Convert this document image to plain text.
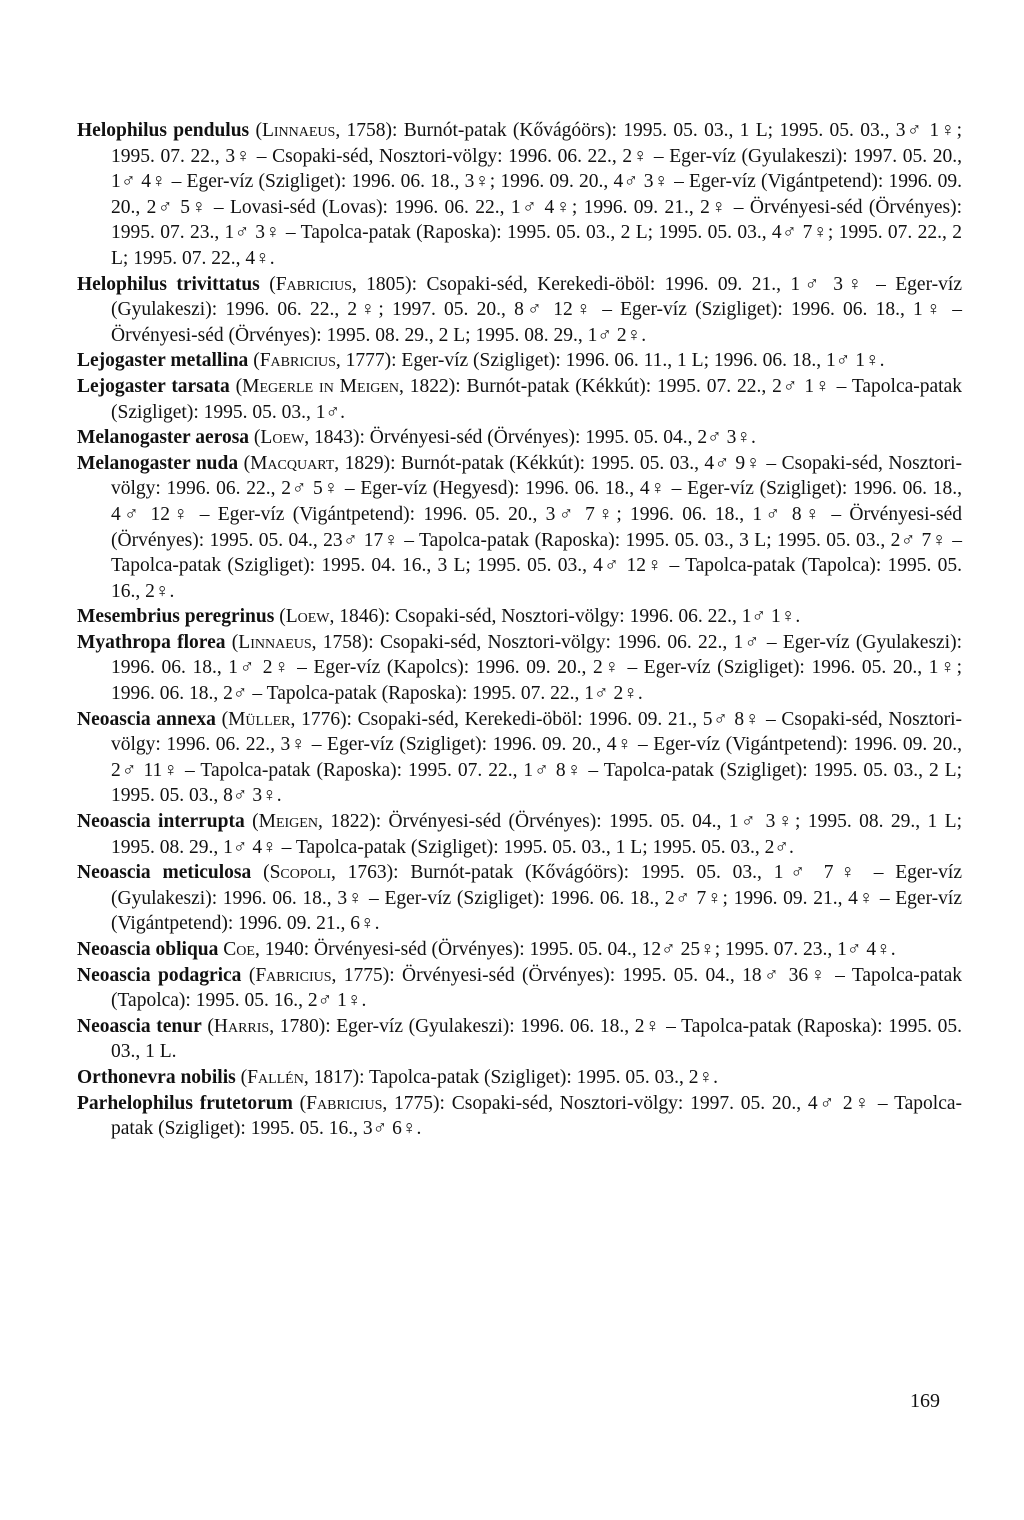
Helophilus pendulus (Linnaeus, 1758): Burnót-patak (Kővágóörs): 1995. 05. 03., 1 L; 1995. 05. 03., 3♂ 1♀; 1995. 07. 22., 3♀ – Csopaki-séd, Nosztori-völgy: 1996. 06. 22., 2♀ – Eger-víz (Gyulakeszi): 1997. 05. 20., 1♂ 4♀ – Eger-víz (Szigliget): 1996. 06. 18., 3♀; 1996. 09. 20., 4♂ 3♀ – Eger-víz (Vigántpetend): 1996. 09. 20., 2♂ 5♀ – Lovasi-séd (Lovas): 1996. 06. 22., 1♂ 4♀; 1996. 09. 21., 2♀ – Örvényesi-séd (Örvényes): 1995. 07. 23., 1♂ 3♀ – Tapolca-patak (Raposka): 1995. 05. 03., 2 L; 1995. 05. 03., 4♂ 7♀; 1995. 07. 22., 2 L; 1995. 07. 22., 4♀.

Helophilus trivittatus (Fabricius, 1805): Csopaki-séd, Kerekedi-öböl: 1996. 09. 21., 1♂ 3♀ – Eger-víz (Gyulakeszi): 1996. 06. 22., 2♀; 1997. 05. 20., 8♂ 12♀ – Eger-víz (Szigliget): 1996. 06. 18., 1♀ – Örvényesi-séd (Örvényes): 1995. 08. 29., 2 L; 1995. 08. 29., 1♂ 2♀.

Lejogaster metallina (Fabricius, 1777): Eger-víz (Szigliget): 1996. 06. 11., 1 L; 1996. 06. 18., 1♂ 1♀.

Lejogaster tarsata (Megerle in Meigen, 1822): Burnót-patak (Kékkút): 1995. 07. 22., 2♂ 1♀ – Tapolca-patak (Szigliget): 1995. 05. 03., 1♂.

Melanogaster aerosa (Loew, 1843): Örvényesi-séd (Örvényes): 1995. 05. 04., 2♂ 3♀.

Melanogaster nuda (Macquart, 1829): Burnót-patak (Kékkút): 1995. 05. 03., 4♂ 9♀ – Csopaki-séd, Nosztori-völgy: 1996. 06. 22., 2♂ 5♀ – Eger-víz (Hegyesd): 1996. 06. 18., 4♀ – Eger-víz (Szigliget): 1996. 06. 18., 4♂ 12♀ – Eger-víz (Vigántpetend): 1996. 05. 20., 3♂ 7♀; 1996. 06. 18., 1♂ 8♀ – Örvényesi-séd (Örvényes): 1995. 05. 04., 23♂ 17♀ – Tapolca-patak (Raposka): 1995. 05. 03., 3 L; 1995. 05. 03., 2♂ 7♀ – Tapolca-patak (Szigliget): 1995. 04. 16., 3 L; 1995. 05. 03., 4♂ 12♀ – Tapolca-patak (Tapolca): 1995. 05. 16., 2♀.

Mesembrius peregrinus (Loew, 1846): Csopaki-séd, Nosztori-völgy: 1996. 06. 22., 1♂ 1♀.

Myathropa florea (Linnaeus, 1758): Csopaki-séd, Nosztori-völgy: 1996. 06. 22., 1♂ – Eger-víz (Gyulakeszi): 1996. 06. 18., 1♂ 2♀ – Eger-víz (Kapolcs): 1996. 09. 20., 2♀ – Eger-víz (Szigliget): 1996. 05. 20., 1♀; 1996. 06. 18., 2♂ – Tapolca-patak (Raposka): 1995. 07. 22., 1♂ 2♀.

Neoascia annexa (Müller, 1776): Csopaki-séd, Kerekedi-öböl: 1996. 09. 21., 5♂ 8♀ – Csopaki-séd, Nosztori-völgy: 1996. 06. 22., 3♀ – Eger-víz (Szigliget): 1996. 09. 20., 4♀ – Eger-víz (Vigántpetend): 1996. 09. 20., 2♂ 11♀ – Tapolca-patak (Raposka): 1995. 07. 22., 1♂ 8♀ – Tapolca-patak (Szigliget): 1995. 05. 03., 2 L; 1995. 05. 03., 8♂ 3♀.

Neoascia interrupta (Meigen, 1822): Örvényesi-séd (Örvényes): 1995. 05. 04., 1♂ 3♀; 1995. 08. 29., 1 L; 1995. 08. 29., 1♂ 4♀ – Tapolca-patak (Szigliget): 1995. 05. 03., 1 L; 1995. 05. 03., 2♂.

Neoascia meticulosa (Scopoli, 1763): Burnót-patak (Kővágóörs): 1995. 05. 03., 1♂ 7♀ – Eger-víz (Gyulakeszi): 1996. 06. 18., 3♀ – Eger-víz (Szigliget): 1996. 06. 18., 2♂ 7♀; 1996. 09. 21., 4♀ – Eger-víz (Vigántpetend): 1996. 09. 21., 6♀.

Neoascia obliqua Coe, 1940: Örvényesi-séd (Örvényes): 1995. 05. 04., 12♂ 25♀; 1995. 07. 23., 1♂ 4♀.

Neoascia podagrica (Fabricius, 1775): Örvényesi-séd (Örvényes): 1995. 05. 04., 18♂ 36♀ – Tapolca-patak (Tapolca): 1995. 05. 16., 2♂ 1♀.

Neoascia tenur (Harris, 1780): Eger-víz (Gyulakeszi): 1996. 06. 18., 2♀ – Tapolca-patak (Raposka): 1995. 05. 03., 1 L.

Orthonevra nobilis (Fallén, 1817): Tapolca-patak (Szigliget): 1995. 05. 03., 2♀.

Parhelophilus frutetorum (Fabricius, 1775): Csopaki-séd, Nosztori-völgy: 1997. 05. 20., 4♂ 2♀ – Tapolca-patak (Szigliget): 1995. 05. 16., 3♂ 6♀.

169
